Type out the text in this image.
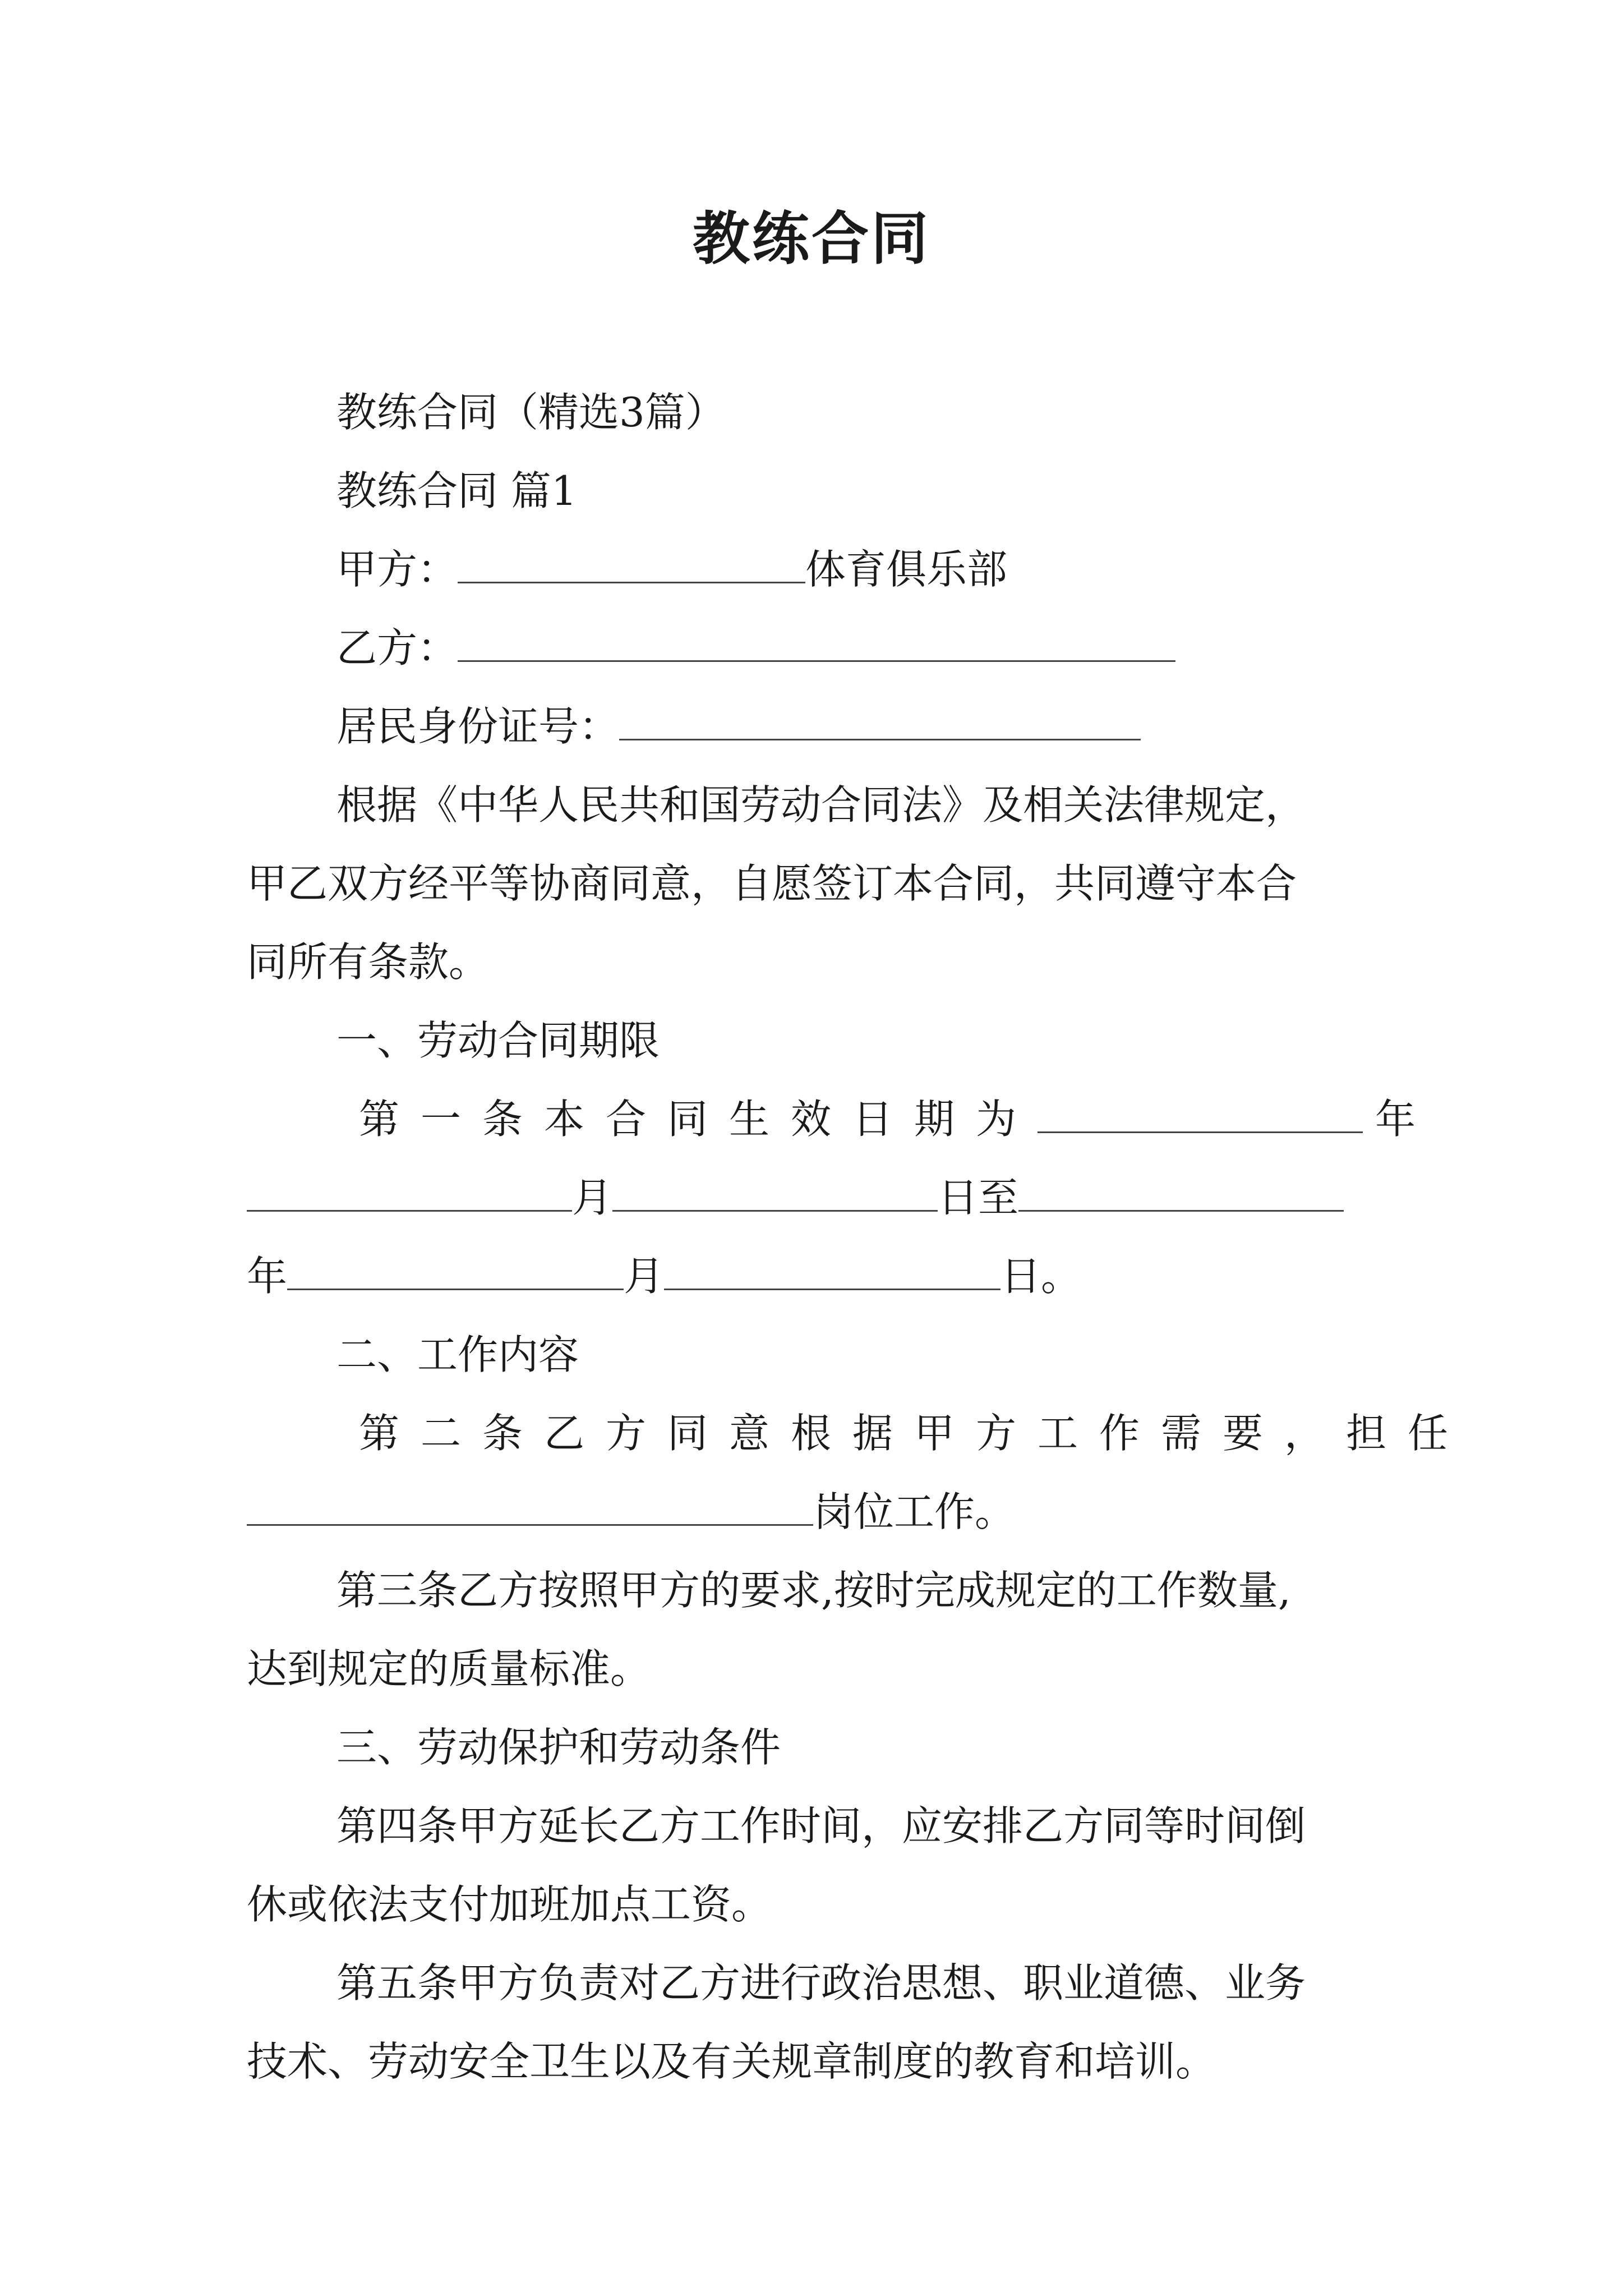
教练合同
教练合同（精选3篇）
教练合同 篇1
甲方：	体育俱乐部
乙方：
居民身份证号：
根据《中华人民共和国劳动合同法》及相关法律规定，
甲乙双方经平等协商同意，自愿签订本合同，共同遵守本合
同所有条款。
一、劳动合同期限
第一条本合同生效日期为	年
月	日至
年	月	日。
二、工作内容
第二条乙方同意根据甲方工作需要，担任
岗位工作。
第三条乙方按照甲方的要求,按时完成规定的工作数量,
达到规定的质量标准。
三、劳动保护和劳动条件
第四条甲方延长乙方工作时间，应安排乙方同等时间倒
休或依法支付加班加点工资。
第五条甲方负责对乙方进行政治思想、职业道德、业务
技术、劳动安全卫生以及有关规章制度的教育和培训。
